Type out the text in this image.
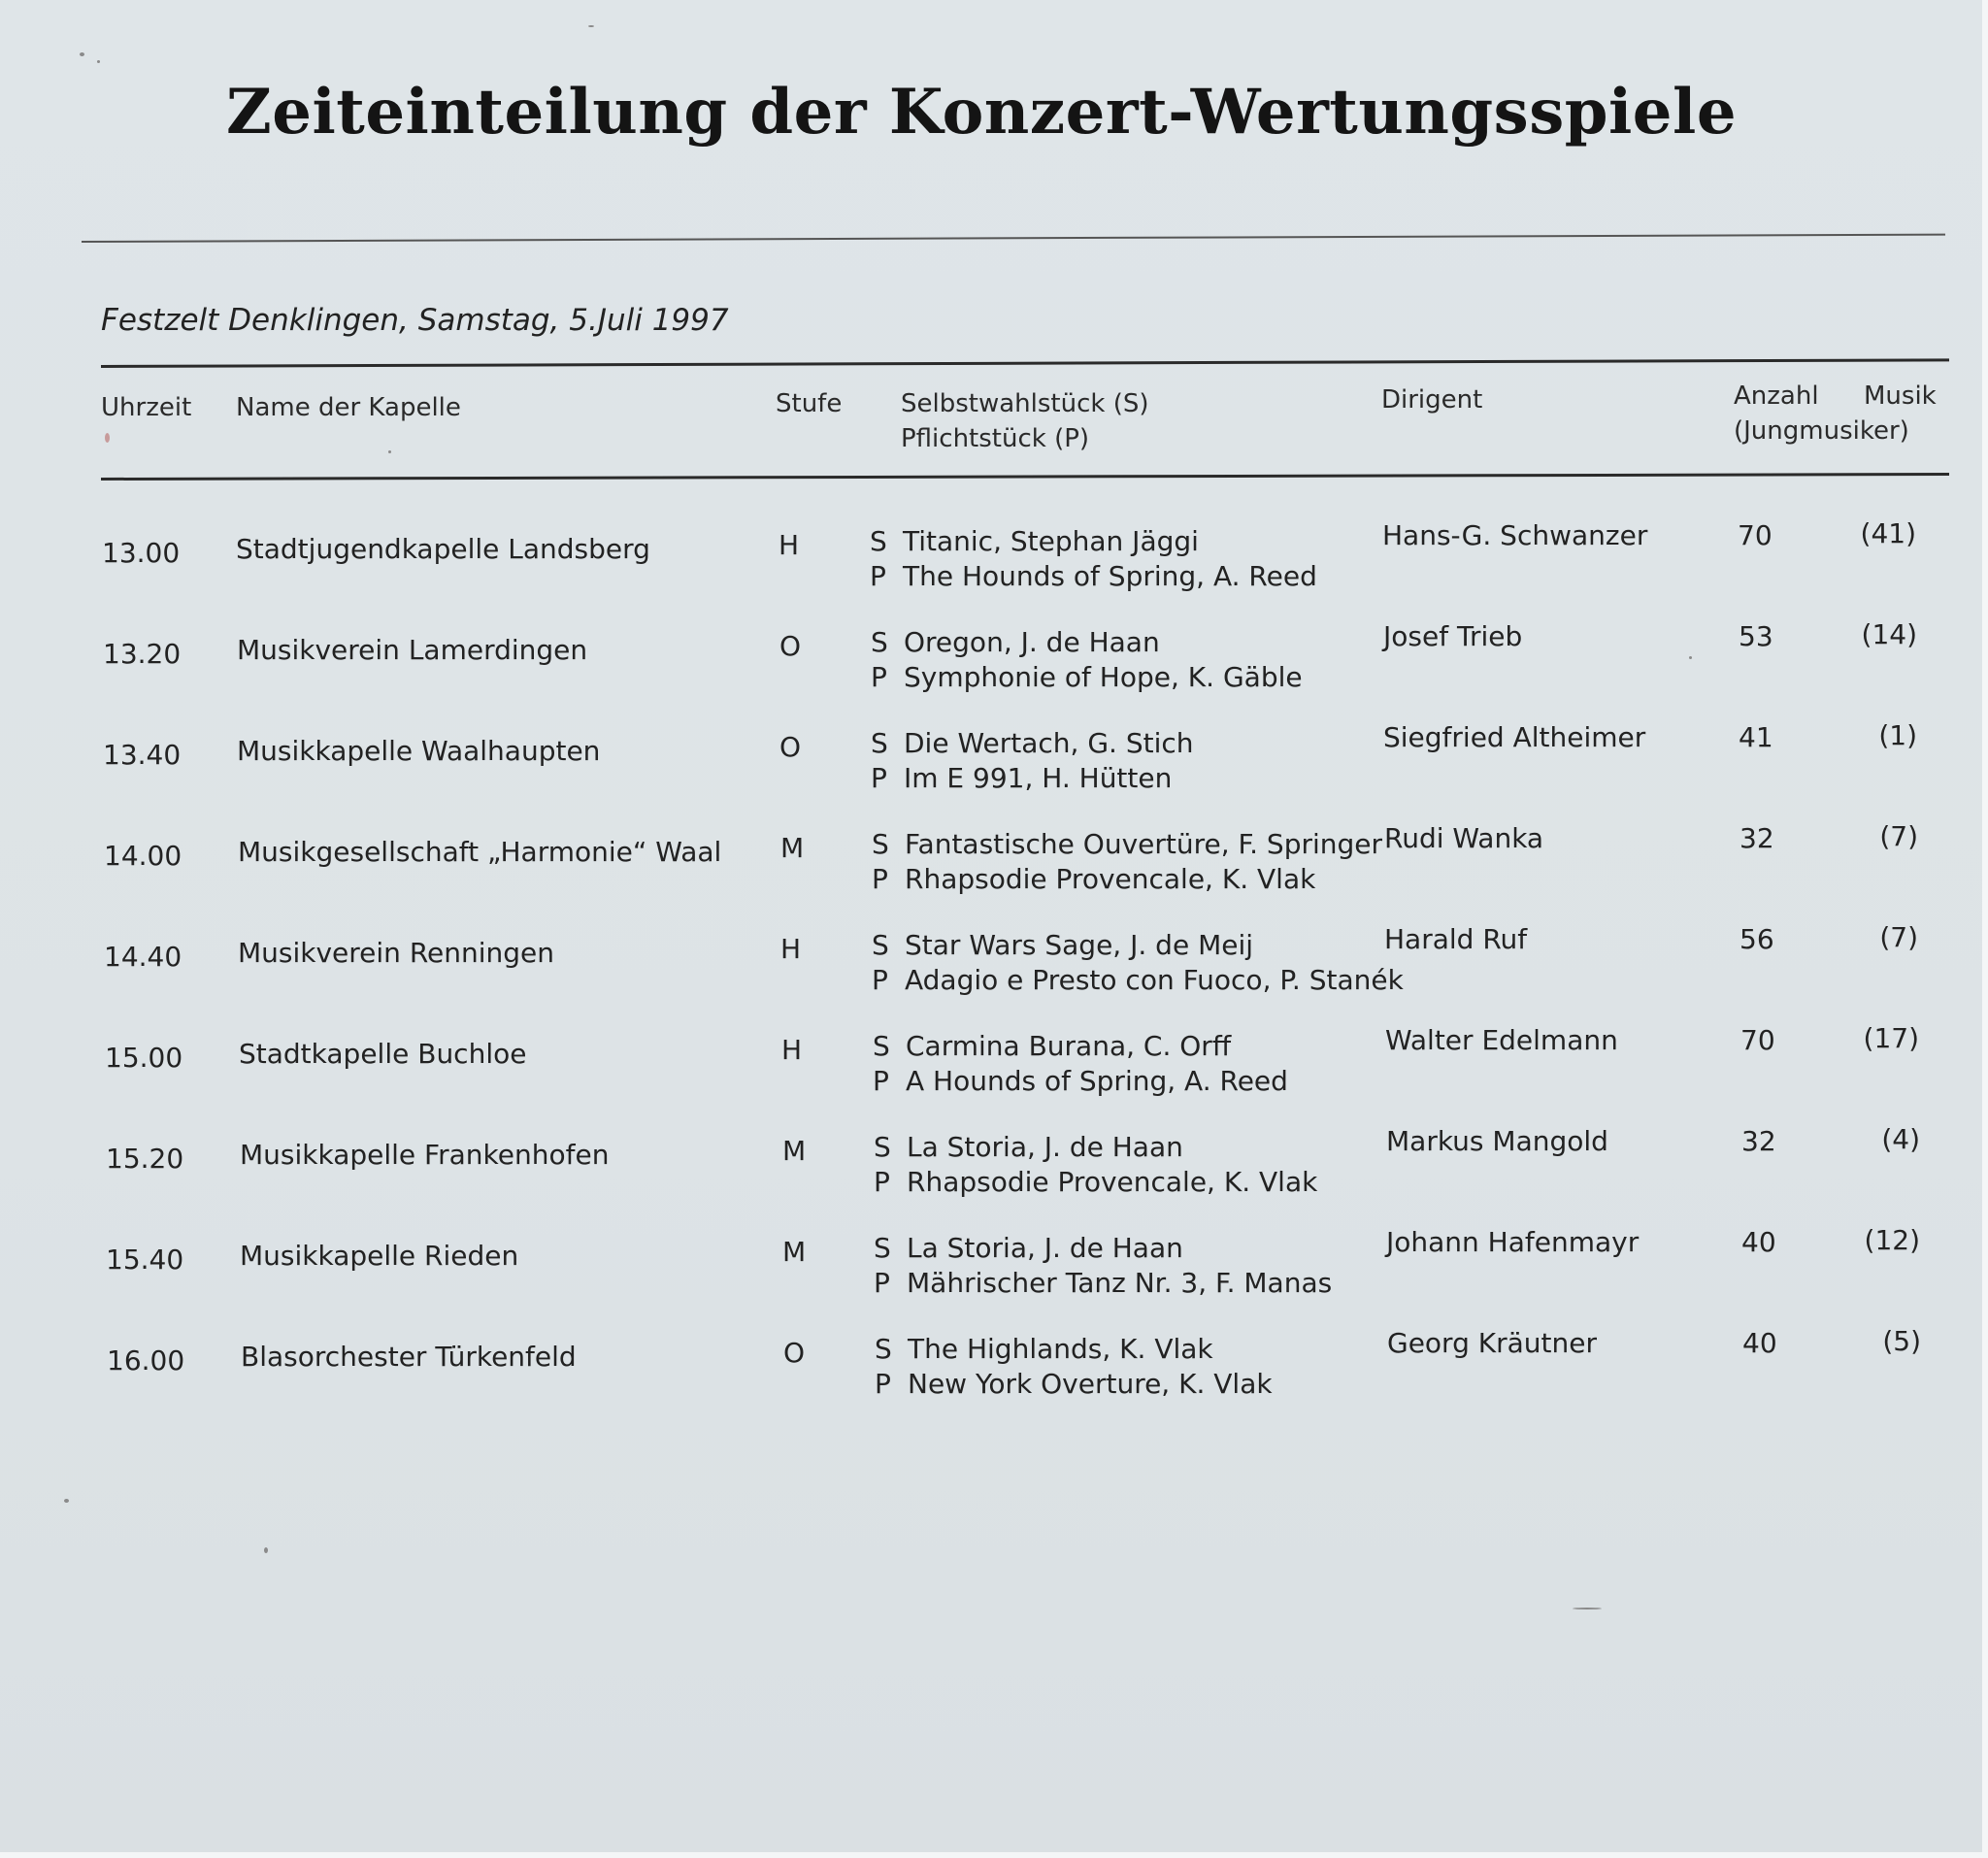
Zeiteinteilung der Konzert-Wertungsspiele
Festzelt Denklingen, Samstag, 5.Juli 1997
Uhrzeit Name der Kapelle	Stufe Selbstwahlstück (S)
Pflichtstück (P)
Dirigent	Anzahl Musik
(Jungmusiker)
13.00 Stadtjugendkapelle Landsberg	H	S Titanic, Stephan Jäggi
P The Hounds of Spring, A. Reed
Hans-G. Schwanzer	70	(41)
13.20 Musikverein Lamerdingen	O	S Oregon, J. de Haan
P Symphonie of Hope, K. Gäble
Josef Trieb	53	(14)
13.40 Musikkapelle Waalhaupten	O	S Die Wertach, G. Stich
P Im E 991, H. Hütten
Siegfried Altheimer	41	(1)
14.00 Musikgesellschaft „Harmonie“ Waal M S Fantastische Ouvertüre, F. Springer
P Rhapsodie Provencale, K. Vlak
Rudi Wanka	32	(7)
14.40 Musikverein Renningen	H	S Star Wars Sage, J. de Meij
P Adagio e Presto con Fuoco, P. Stanék
Harald Ruf	56	(7)
15.00 Stadtkapelle Buchloe	H	S Carmina Burana, C. Orff
P A Hounds of Spring, A. Reed
Walter Edelmann	70	(17)
15.20 Musikkapelle Frankenhofen	M S La Storia, J. de Haan
P Rhapsodie Provencale, K. Vlak
Markus Mangold	32	(4)
15.40 Musikkapelle Rieden	M S La Storia, J. de Haan
P Mährischer Tanz Nr. 3, F. Manas
Johann Hafenmayr	40	(12)
16.00 Blasorchester Türkenfeld	O	S The Highlands, K. Vlak
P New York Overture, K. Vlak
Georg Kräutner	40	(5)
